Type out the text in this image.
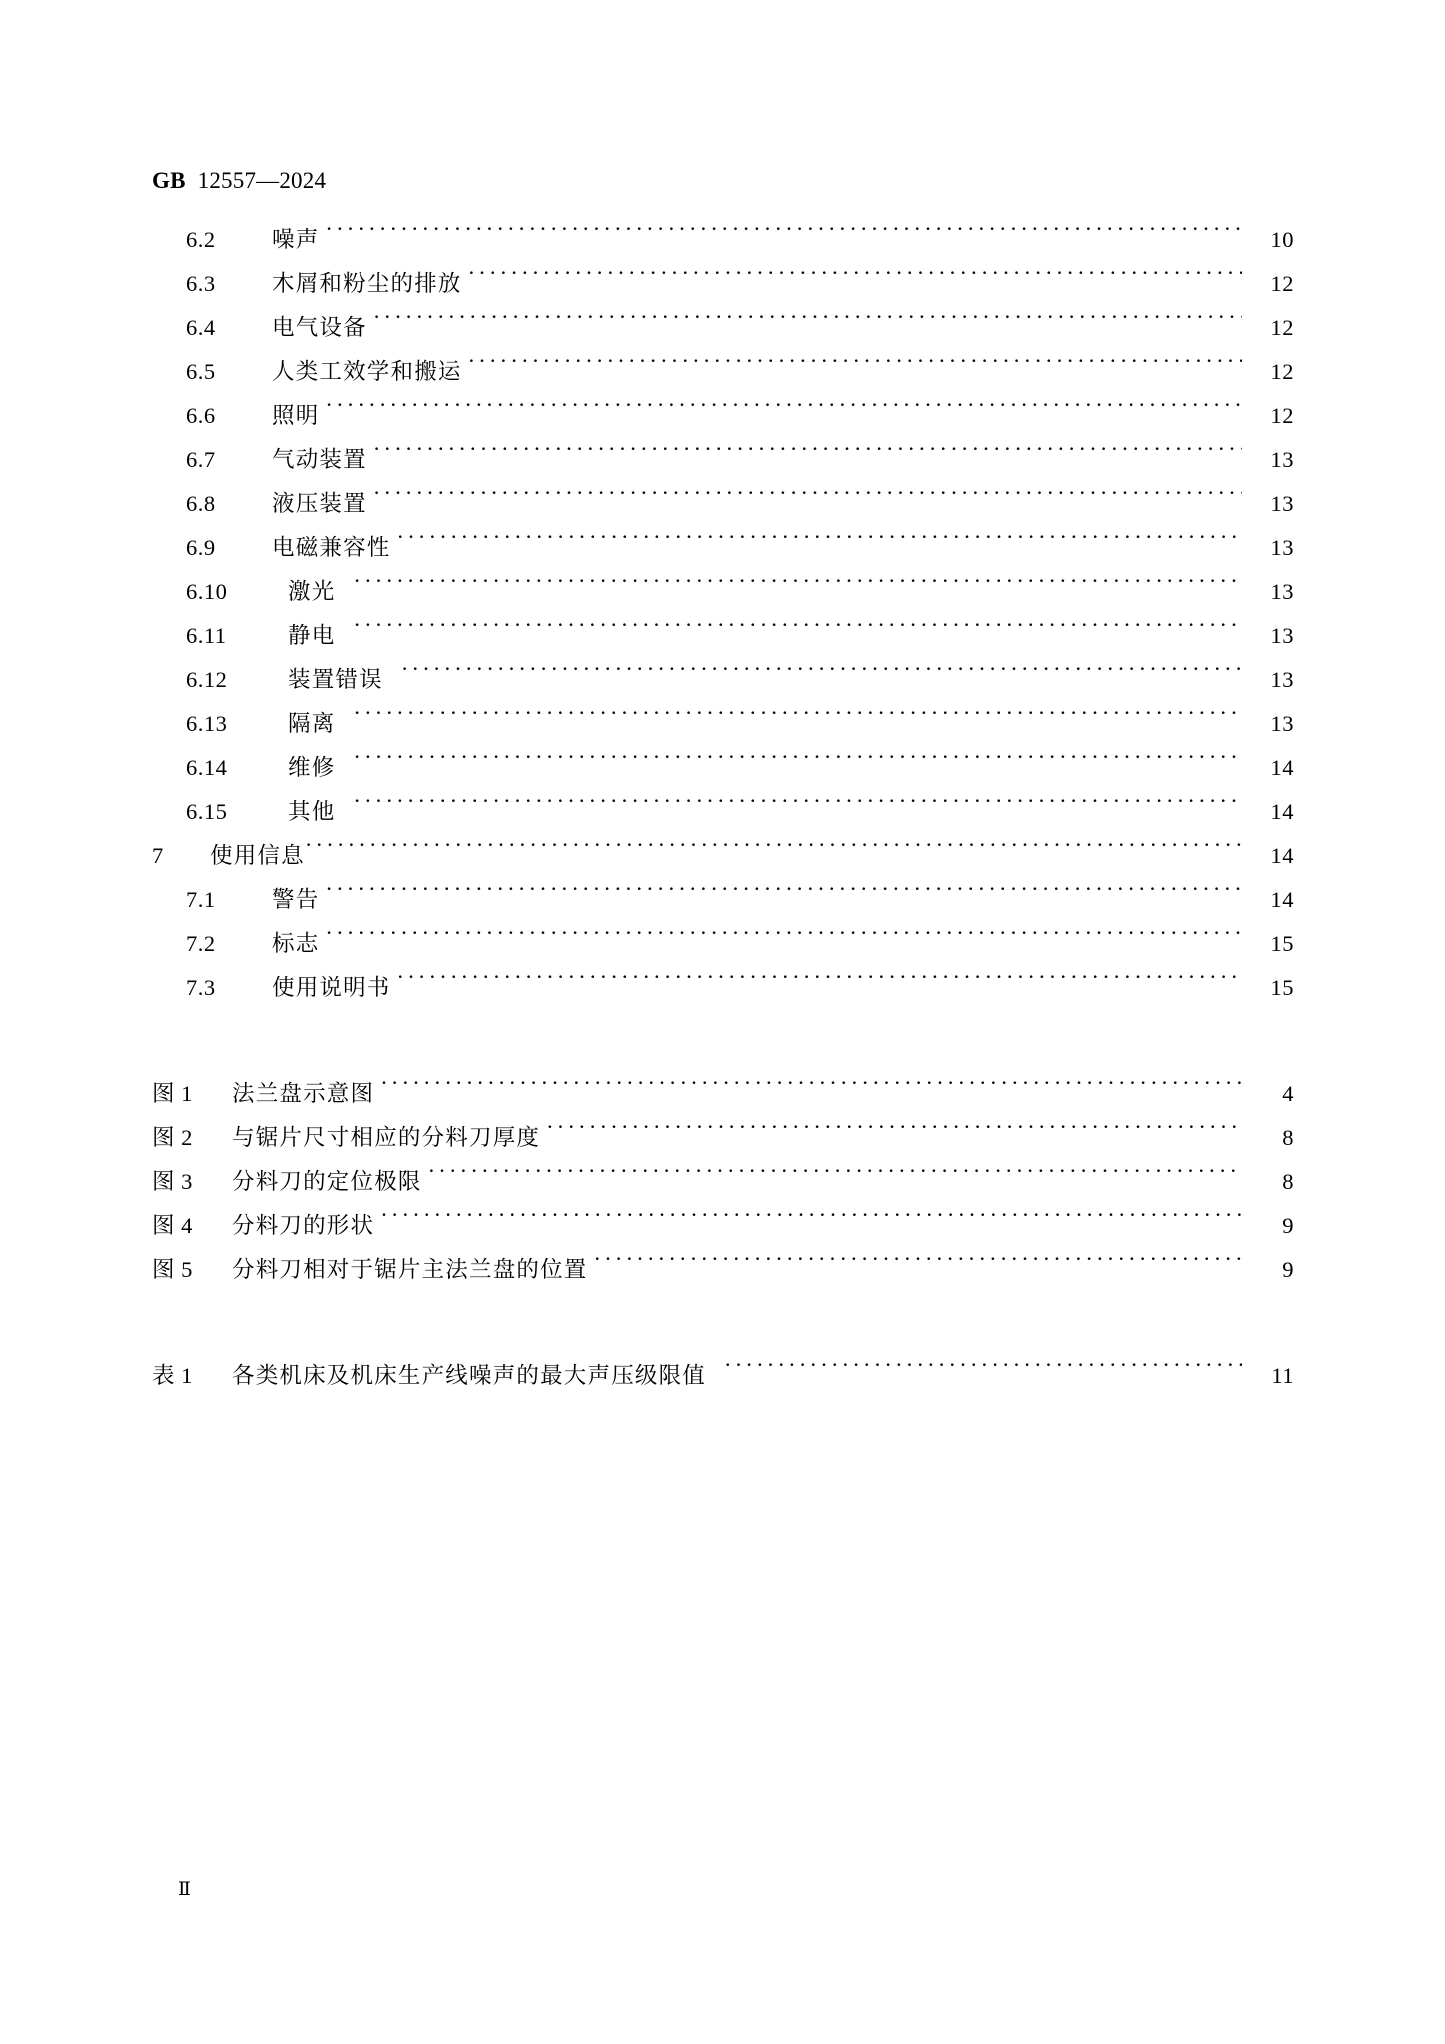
GB 12557—2024
6.2	噪声 ·····	10
6.3	木屑和粉尘的排放 ·····	12
6.4	电气设备 ·····	12
6.5	人类工效学和搬运 ·····	12
6.6	照明 ·····	12
6.7	气动装置 ·····	13
6.8	液压装置 ·····	13
6.9	电磁兼容性 ·····	13
6.10	激光 ·····	13
6.11	静电 ·····	13
6.12	装置错误 ·····	13
6.13	隔离 ·····	13
6.14	维修 ·····	14
6.15	其他 ·····	14
7	使用信息 ·····	14
7.1	警告 ·····	14
7.2	标志 ·····	15
7.3	使用说明书 ·····	15
图 1	法兰盘示意图 ·····	4
图 2	与锯片尺寸相应的分料刀厚度 ·····	8
图 3	分料刀的定位极限 ·····	8
图 4	分料刀的形状 ·····	9
图 5	分料刀相对于锯片主法兰盘的位置 ·····	9
表 1	各类机床及机床生产线噪声的最大声压级限值 ·····	11
Ⅱ
